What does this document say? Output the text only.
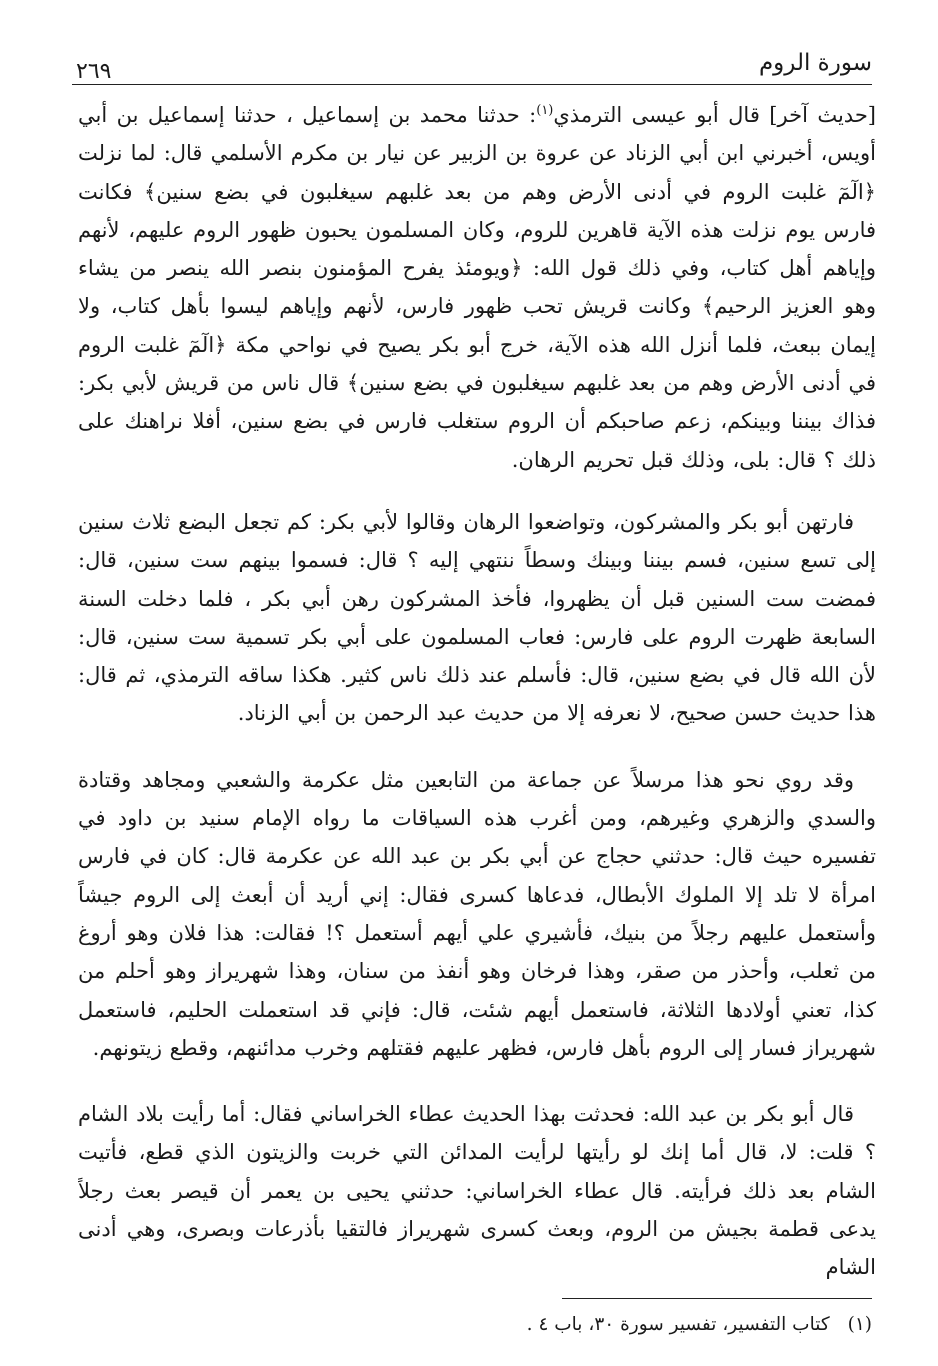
سورة الروم
٢٦٩

[حديث آخر] قال أبو عيسى الترمذي$^{(١)}$: حدثنا محمد بن إسماعيل ، حدثنا إسماعيل بن أبي أويس، أخبرني ابن أبي الزناد عن عروة بن الزبير عن نيار بن مكرم الأسلمي قال: لما نزلت ﴿الٓمٓ غلبت الروم في أدنى الأرض وهم من بعد غلبهم سيغلبون في بضع سنين﴾ فكانت فارس يوم نزلت هذه الآية قاهرين للروم، وكان المسلمون يحبون ظهور الروم عليهم، لأنهم وإياهم أهل كتاب، وفي ذلك قول الله: ﴿ويومئذ يفرح المؤمنون بنصر الله ينصر من يشاء وهو العزيز الرحيم﴾ وكانت قريش تحب ظهور فارس، لأنهم وإياهم ليسوا بأهل كتاب، ولا إيمان ببعث، فلما أنزل الله هذه الآية، خرج أبو بكر يصيح في نواحي مكة ﴿الٓمٓ غلبت الروم في أدنى الأرض وهم من بعد غلبهم سيغلبون في بضع سنين﴾ قال ناس من قريش لأبي بكر: فذاك بيننا وبينكم، زعم صاحبكم أن الروم ستغلب فارس في بضع سنين، أفلا نراهنك على ذلك ؟ قال: بلى، وذلك قبل تحريم الرهان.

فارتهن أبو بكر والمشركون، وتواضعوا الرهان وقالوا لأبي بكر: كم تجعل البضع ثلاث سنين إلى تسع سنين، فسم بيننا وبينك وسطاً ننتهي إليه ؟ قال: فسموا بينهم ست سنين، قال: فمضت ست السنين قبل أن يظهروا، فأخذ المشركون رهن أبي بكر ، فلما دخلت السنة السابعة ظهرت الروم على فارس: فعاب المسلمون على أبي بكر تسمية ست سنين، قال: لأن الله قال في بضع سنين، قال: فأسلم عند ذلك ناس كثير. هكذا ساقه الترمذي، ثم قال: هذا حديث حسن صحيح، لا نعرفه إلا من حديث عبد الرحمن بن أبي الزناد.

وقد روي نحو هذا مرسلاً عن جماعة من التابعين مثل عكرمة والشعبي ومجاهد وقتادة والسدي والزهري وغيرهم، ومن أغرب هذه السياقات ما رواه الإمام سنيد بن داود في تفسيره حيث قال: حدثني حجاج عن أبي بكر بن عبد الله عن عكرمة قال: كان في فارس امرأة لا تلد إلا الملوك الأبطال، فدعاها كسرى فقال: إني أريد أن أبعث إلى الروم جيشاً وأستعمل عليهم رجلاً من بنيك، فأشيري علي أيهم أستعمل ؟! فقالت: هذا فلان وهو أروغ من ثعلب، وأحذر من صقر، وهذا فرخان وهو أنفذ من سنان، وهذا شهريراز وهو أحلم من كذا، تعني أولادها الثلاثة، فاستعمل أيهم شئت، قال: فإني قد استعملت الحليم، فاستعمل شهريراز فسار إلى الروم بأهل فارس، فظهر عليهم فقتلهم وخرب مدائنهم، وقطع زيتونهم.

قال أبو بكر بن عبد الله: فحدثت بهذا الحديث عطاء الخراساني فقال: أما رأيت بلاد الشام ؟ قلت: لا، قال أما إنك لو رأيتها لرأيت المدائن التي خربت والزيتون الذي قطع، فأتيت الشام بعد ذلك فرأيته. قال عطاء الخراساني: حدثني يحيى بن يعمر أن قيصر بعث رجلاً يدعى قطمة بجيش من الروم، وبعث كسرى شهريراز فالتقيا بأذرعات وبصرى، وهي أدنى الشام

(١)كتاب التفسير، تفسير سورة ٣٠، باب ٤ .
